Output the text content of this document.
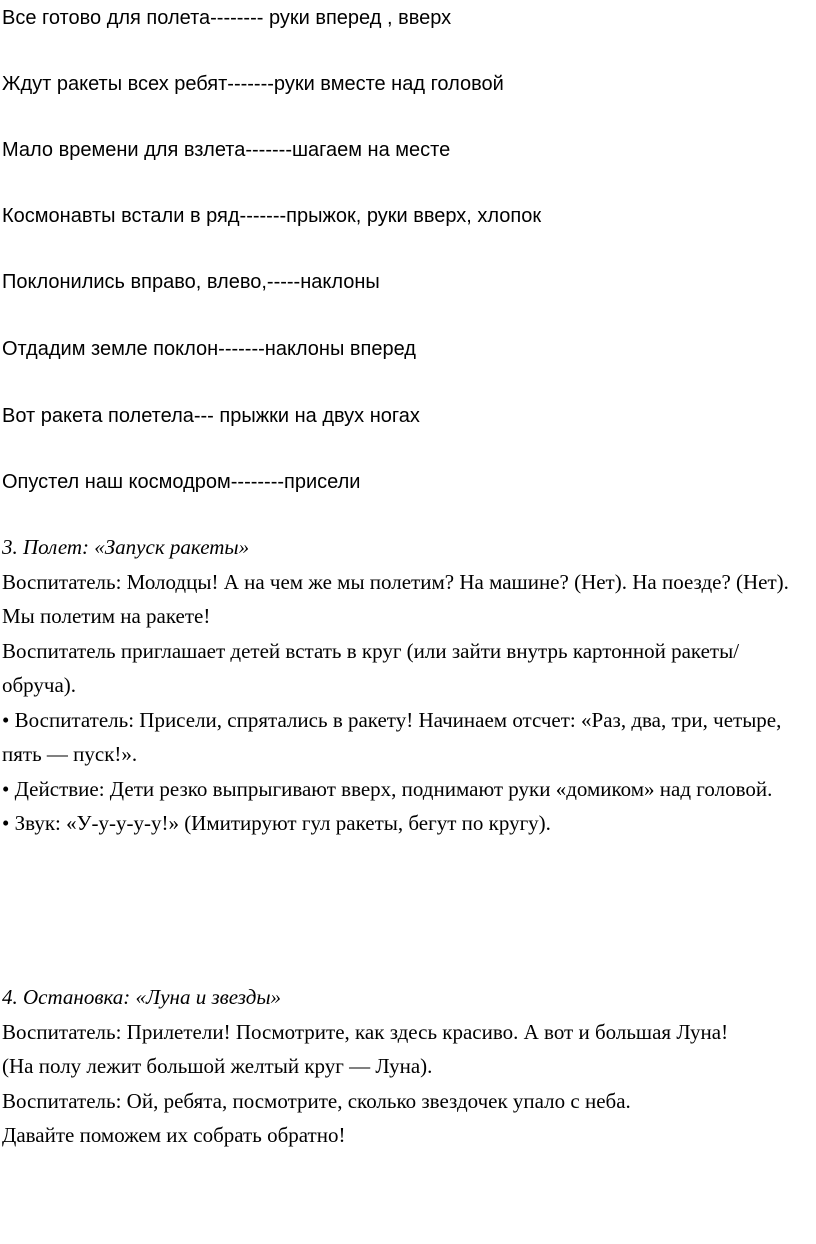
Все готово для полета-------- руки вперед , вверх
Ждут ракеты всех ребят-------руки вместе над головой
Мало времени для взлета-------шагаем на месте
Космонавты встали в ряд-------прыжок, руки вверх, хлопок
Поклонились вправо, влево,-----наклоны
Отдадим земле поклон-------наклоны вперед
Вот ракета полетела--- прыжки на двух ногах
Опустел наш космодром--------присели

3. Полет: «Запуск ракеты»

Воспитатель: Молодцы! А на чем же мы полетим? На машине? (Нет). На поезде? (Нет). Мы полетим на ракете!

Воспитатель приглашает детей встать в круг (или зайти внутрь картонной ракеты/обруча).

• Воспитатель: Присели, спрятались в ракету! Начинаем отсчет: «Раз, два, три, четыре, пять — пуск!».

• Действие: Дети резко выпрыгивают вверх, поднимают руки «домиком» над головой.

• Звук: «У-у-у-у-у!» (Имитируют гул ракеты, бегут по кругу).

4. Остановка: «Луна и звезды»

Воспитатель: Прилетели! Посмотрите, как здесь красиво. А вот и большая Луна!

(На полу лежит большой желтый круг — Луна).

Воспитатель: Ой, ребята, посмотрите, сколько звездочек упало с неба.

Давайте поможем их собрать обратно!
